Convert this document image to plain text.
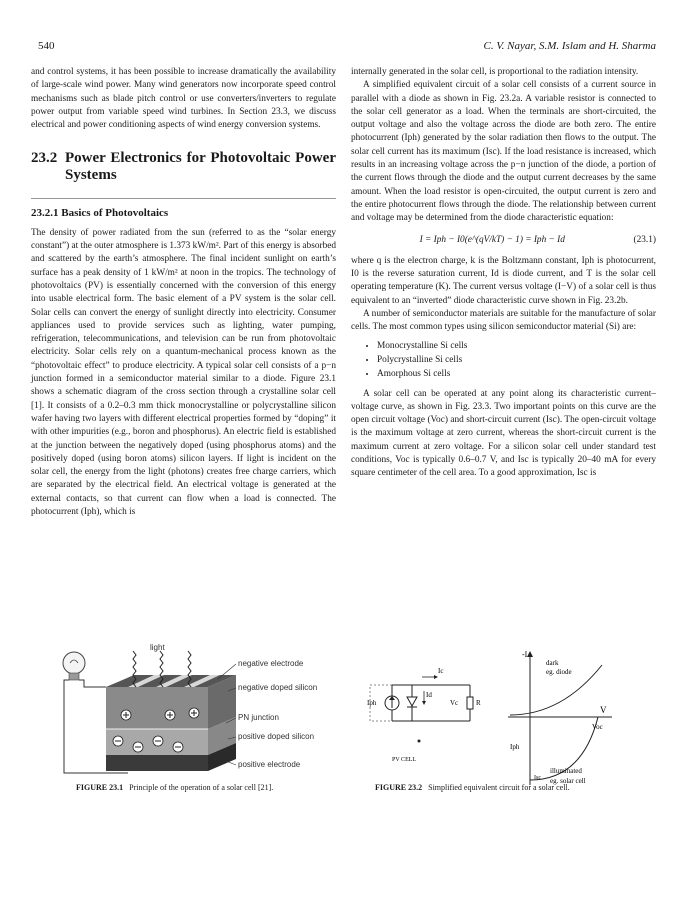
540	C. V. Nayar, S.M. Islam and H. Sharma

and control systems, it has been possible to increase dramatically the availability of large-scale wind power. Many wind generators now incorporate speed control mechanisms such as blade pitch control or use converters/inverters to regulate power output from variable speed wind turbines. In Section 23.3, we discuss electrical and power conditioning aspects of wind energy conversion systems.

23.2 Power Electronics for Photovoltaic Power Systems
23.2.1 Basics of Photovoltaics

The density of power radiated from the sun (referred to as the “solar energy constant”) at the outer atmosphere is 1.373 kW/m². Part of this energy is absorbed and scattered by the earth’s atmosphere. The final incident sunlight on earth’s surface has a peak density of 1 kW/m² at noon in the tropics. The technology of photovoltaics (PV) is essentially concerned with the conversion of this energy into usable electrical form. The basic element of a PV system is the solar cell. Solar cells can convert the energy of sunlight directly into electricity. Consumer appliances used to provide services such as lighting, water pumping, refrigeration, telecommunications, and television can be run from photovoltaic electricity. Solar cells rely on a quantum-mechanical process known as the “photovoltaic effect” to produce electricity. A typical solar cell consists of a p−n junction formed in a semiconductor material similar to a diode. Figure 23.1 shows a schematic diagram of the cross section through a crystalline solar cell [1]. It consists of a 0.2–0.3 mm thick monocrystalline or polycrystalline silicon wafer having two layers with different electrical properties formed by “doping” it with other impurities (e.g., boron and phosphorus). An electric field is established at the junction between the negatively doped (using phosphorus atoms) and the positively doped (using boron atoms) silicon layers. If light is incident on the solar cell, the energy from the light (photons) creates free charge carriers, which are separated by the electrical field. An electrical voltage is generated at the external contacts, so that current can flow when a load is connected. The photocurrent (Iph), which is

internally generated in the solar cell, is proportional to the radiation intensity.

A simplified equivalent circuit of a solar cell consists of a current source in parallel with a diode as shown in Fig. 23.2a. A variable resistor is connected to the solar cell generator as a load. When the terminals are short-circuited, the output voltage and also the voltage across the diode are both zero. The entire photocurrent (Iph) generated by the solar radiation then flows to the output. The solar cell current has its maximum (Isc). If the load resistance is increased, which results in an increasing voltage across the p−n junction of the diode, a portion of the current flows through the diode and the output current decreases by the same amount. When the load resistor is open-circuited, the output current is zero and the entire photocurrent flows through the diode. The relationship between current and voltage may be determined from the diode characteristic equation:

I = Iph − I0(e^(qV/kT) − 1) = Iph − Id	(23.1)

where q is the electron charge, k is the Boltzmann constant, Iph is photocurrent, I0 is the reverse saturation current, Id is diode current, and T is the solar cell operating temperature (K). The current versus voltage (I−V) of a solar cell is thus equivalent to an “inverted” diode characteristic curve shown in Fig. 23.2b.

A number of semiconductor materials are suitable for the manufacture of solar cells. The most common types using silicon semiconductor material (Si) are:

• Monocrystalline Si cells
• Polycrystalline Si cells
• Amorphous Si cells

A solar cell can be operated at any point along its characteristic current–voltage curve, as shown in Fig. 23.3. Two important points on this curve are the open circuit voltage (Voc) and short-circuit current (Isc). The open-circuit voltage is the maximum voltage at zero current, whereas the short-circuit current is the maximum current at zero voltage. For a silicon solar cell under standard test conditions, Voc is typically 0.6–0.7 V, and Isc is typically 20–40 mA for every square centimeter of the cell area. To a good approximation, Isc is

light
negative electrode
negative doped silicon
PN junction
positive doped silicon
positive electrode
FIGURE 23.1 Principle of the operation of a solar cell [21].
Iph
Id
Ic
Vc	R
PV CELL
-I
V
dark
eg. diode
Voc
Iph
Isc
illuminated
eg. solar cell
FIGURE 23.2 Simplified equivalent circuit for a solar cell.
